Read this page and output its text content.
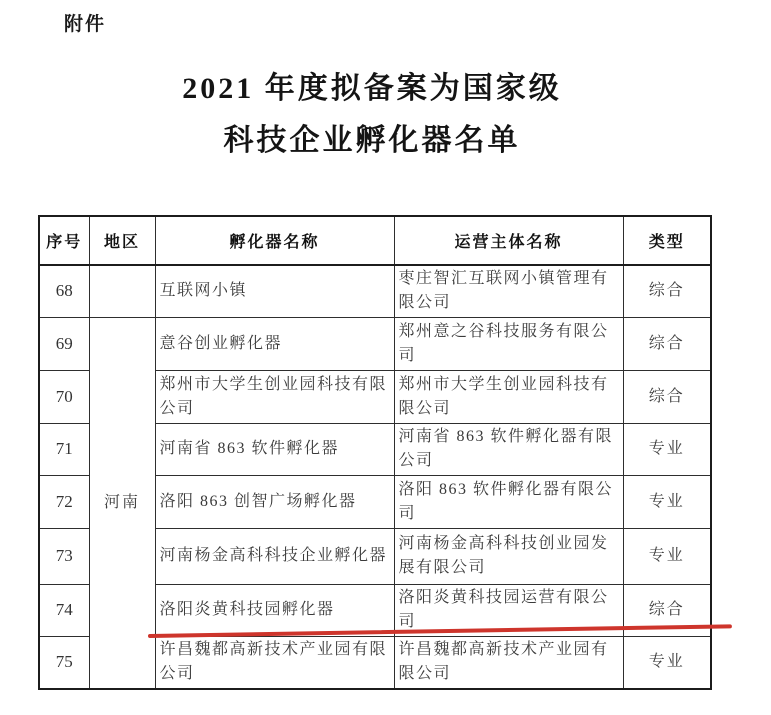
附件
2021 年度拟备案为国家级
科技企业孵化器名单
序号	地区	孵化器名称	运营主体名称	类型
68		互联网小镇	枣庄智汇互联网小镇管理有限公司	综合
69	河南	意谷创业孵化器	郑州意之谷科技服务有限公司	综合
70		郑州市大学生创业园科技有限公司	郑州市大学生创业园科技有限公司	综合
71		河南省 863 软件孵化器	河南省 863 软件孵化器有限公司	专业
72		洛阳 863 创智广场孵化器	洛阳 863 软件孵化器有限公司	专业
73		河南杨金高科科技企业孵化器	河南杨金高科科技创业园发展有限公司	专业
74		洛阳炎黄科技园孵化器	洛阳炎黄科技园运营有限公司	综合
75		许昌魏都高新技术产业园有限公司	许昌魏都高新技术产业园有限公司	专业
